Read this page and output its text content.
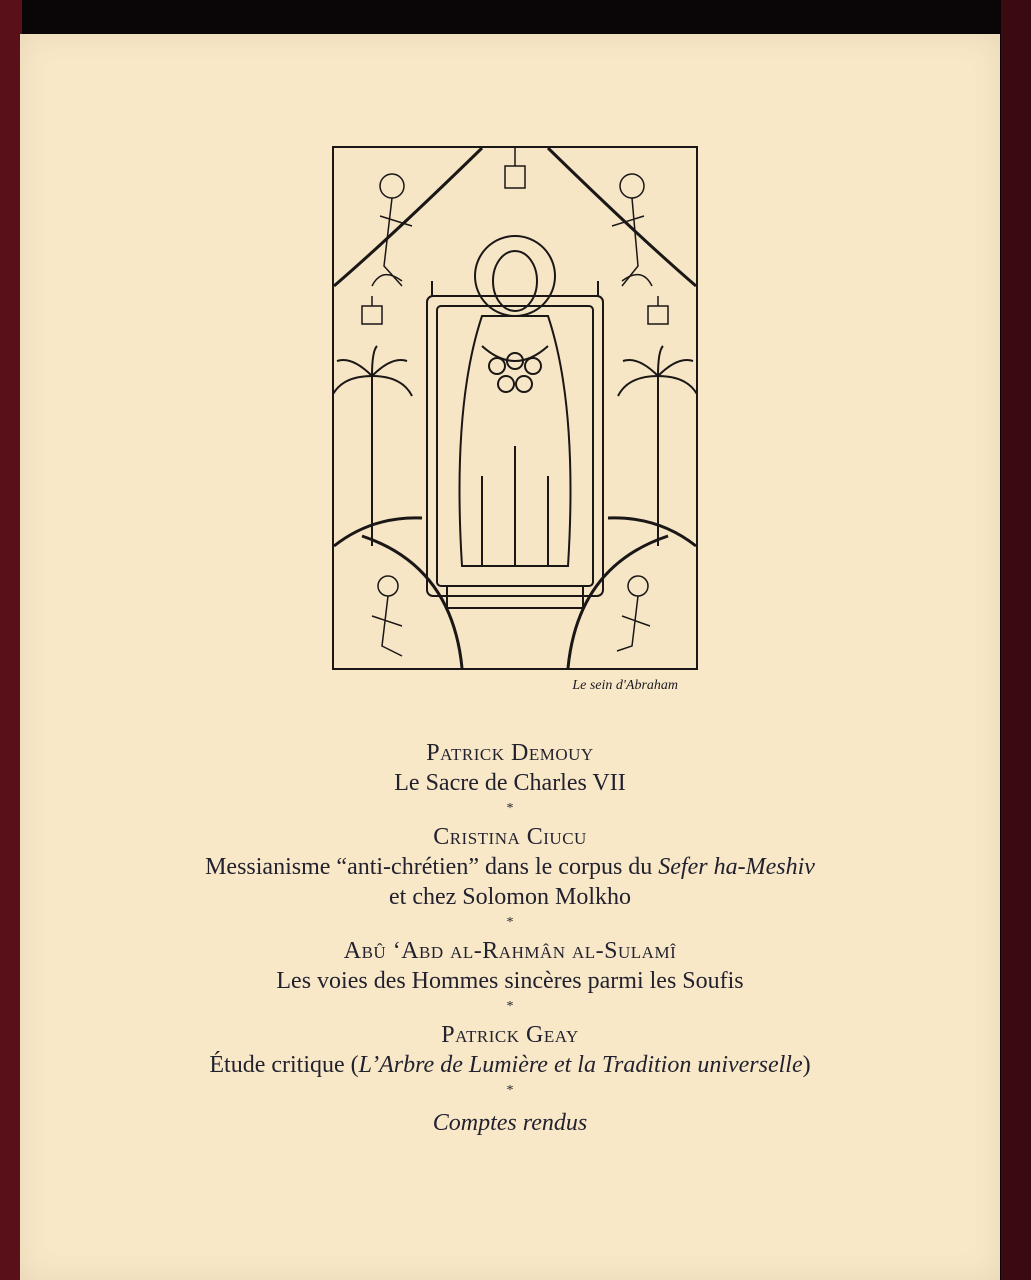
Le sein d'Abraham
Patrick Demouy
Le Sacre de Charles VII
*
Cristina Ciucu
Messianisme “anti-chrétien” dans le corpus du Sefer ha-Meshiv
et chez Solomon Molkho
*
Abû ‘Abd al-Rahmân al-Sulamî
Les voies des Hommes sincères parmi les Soufis
*
Patrick Geay
Étude critique (L’Arbre de Lumière et la Tradition universelle)
*
Comptes rendus
